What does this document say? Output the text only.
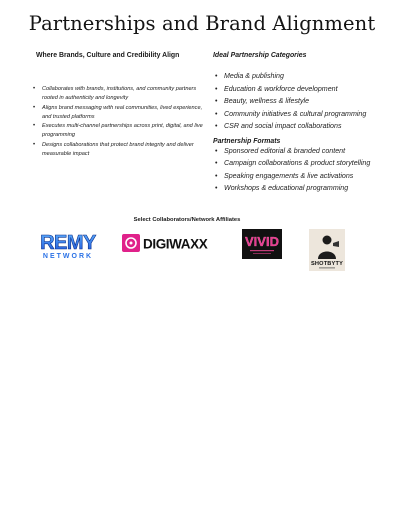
Partnerships and Brand Alignment
Where Brands, Culture and Credibility Align
• Collaborates with brands, institutions, and community partners rooted in authenticity and longevity
• Aligns brand messaging with real communities, lived experience, and trusted platforms
• Executes multi-channel partnerships across print, digital, and live programming
• Designs collaborations that protect brand integrity and deliver measurable impact
Ideal Partnership Categories
• Media & publishing
• Education & workforce development
• Beauty, wellness & lifestyle
• Community initiatives & cultural programming
• CSR and social impact collaborations
Partnership Formats
• Sponsored editorial & branded content
• Campaign collaborations & product storytelling
• Speaking engagements & live activations
• Workshops & educational programming
Select Collaborators/Network Affiliates
REMY
NETWORK
DIGIWAXX	VIVID
SHOTBYTY
